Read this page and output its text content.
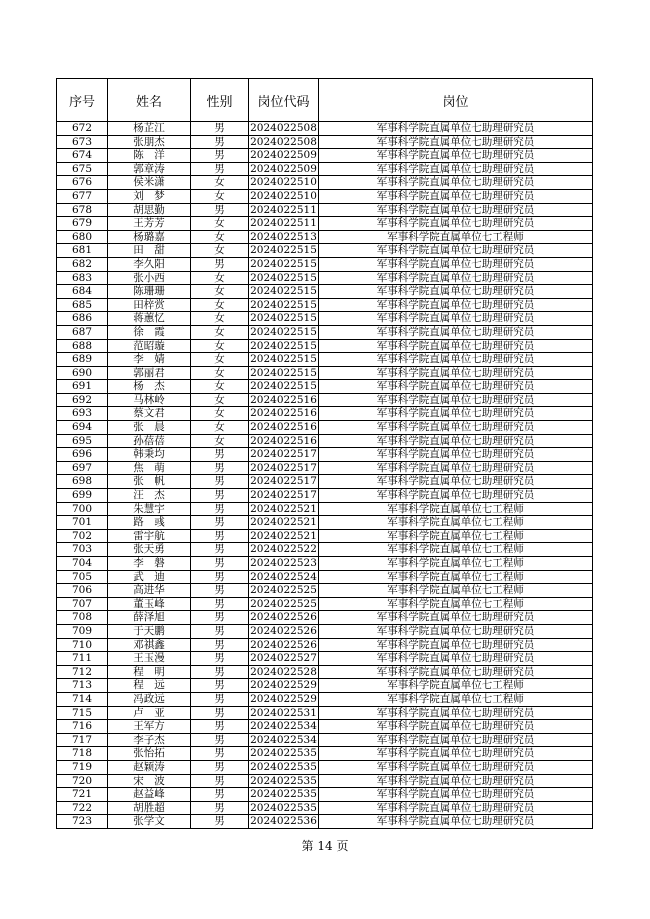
序号	姓名	性别	岗位代码	岗位
672	杨芷江	男	2024022508	军事科学院直属单位七助理研究员
673	张朋杰	男	2024022508	军事科学院直属单位七助理研究员
674	陈　洋	男	2024022509	军事科学院直属单位七助理研究员
675	郭章涛	男	2024022509	军事科学院直属单位七助理研究员
676	侯米潇	女	2024022510	军事科学院直属单位七助理研究员
677	刘　梦	女	2024022510	军事科学院直属单位七助理研究员
678	胡思勤	男	2024022511	军事科学院直属单位七助理研究员
679	王芳芳	女	2024022511	军事科学院直属单位七助理研究员
680	杨璐嘉	女	2024022513	军事科学院直属单位七工程师
681	田　甜	女	2024022515	军事科学院直属单位七助理研究员
682	李久阳	男	2024022515	军事科学院直属单位七助理研究员
683	张小西	女	2024022515	军事科学院直属单位七助理研究员
684	陈珊珊	女	2024022515	军事科学院直属单位七助理研究员
685	田梓赏	女	2024022515	军事科学院直属单位七助理研究员
686	蒋蕙忆	女	2024022515	军事科学院直属单位七助理研究员
687	徐　霞	女	2024022515	军事科学院直属单位七助理研究员
688	范昭璇	女	2024022515	军事科学院直属单位七助理研究员
689	李　婧	女	2024022515	军事科学院直属单位七助理研究员
690	郭丽君	女	2024022515	军事科学院直属单位七助理研究员
691	杨　杰	女	2024022515	军事科学院直属单位七助理研究员
692	马林岭	女	2024022516	军事科学院直属单位七助理研究员
693	蔡文君	女	2024022516	军事科学院直属单位七助理研究员
694	张　晨	女	2024022516	军事科学院直属单位七助理研究员
695	孙蓓蓓	女	2024022516	军事科学院直属单位七助理研究员
696	韩秉均	男	2024022517	军事科学院直属单位七助理研究员
697	焦　萌	男	2024022517	军事科学院直属单位七助理研究员
698	张　帆	男	2024022517	军事科学院直属单位七助理研究员
699	汪　杰	男	2024022517	军事科学院直属单位七助理研究员
700	朱慧宇	男	2024022521	军事科学院直属单位七工程师
701	路　彧	男	2024022521	军事科学院直属单位七工程师
702	雷宇航	男	2024022521	军事科学院直属单位七工程师
703	张天勇	男	2024022522	军事科学院直属单位七工程师
704	李　磐	男	2024022523	军事科学院直属单位七工程师
705	武　迪	男	2024022524	军事科学院直属单位七工程师
706	高进华	男	2024022525	军事科学院直属单位七工程师
707	董玉峰	男	2024022525	军事科学院直属单位七工程师
708	薛泽旭	男	2024022526	军事科学院直属单位七助理研究员
709	于天鹏	男	2024022526	军事科学院直属单位七助理研究员
710	邓祺鑫	男	2024022526	军事科学院直属单位七助理研究员
711	王玉漫	男	2024022527	军事科学院直属单位七助理研究员
712	程　明	男	2024022528	军事科学院直属单位七助理研究员
713	程　远	男	2024022529	军事科学院直属单位七工程师
714	冯政远	男	2024022529	军事科学院直属单位七工程师
715	卢　亚	男	2024022531	军事科学院直属单位七助理研究员
716	王军方	男	2024022534	军事科学院直属单位七助理研究员
717	李子杰	男	2024022534	军事科学院直属单位七助理研究员
718	张怡拓	男	2024022535	军事科学院直属单位七助理研究员
719	赵颖涛	男	2024022535	军事科学院直属单位七助理研究员
720	宋　波	男	2024022535	军事科学院直属单位七助理研究员
721	赵益峰	男	2024022535	军事科学院直属单位七助理研究员
722	胡胜超	男	2024022535	军事科学院直属单位七助理研究员
723	张学文	男	2024022536	军事科学院直属单位七助理研究员
第 14 页
